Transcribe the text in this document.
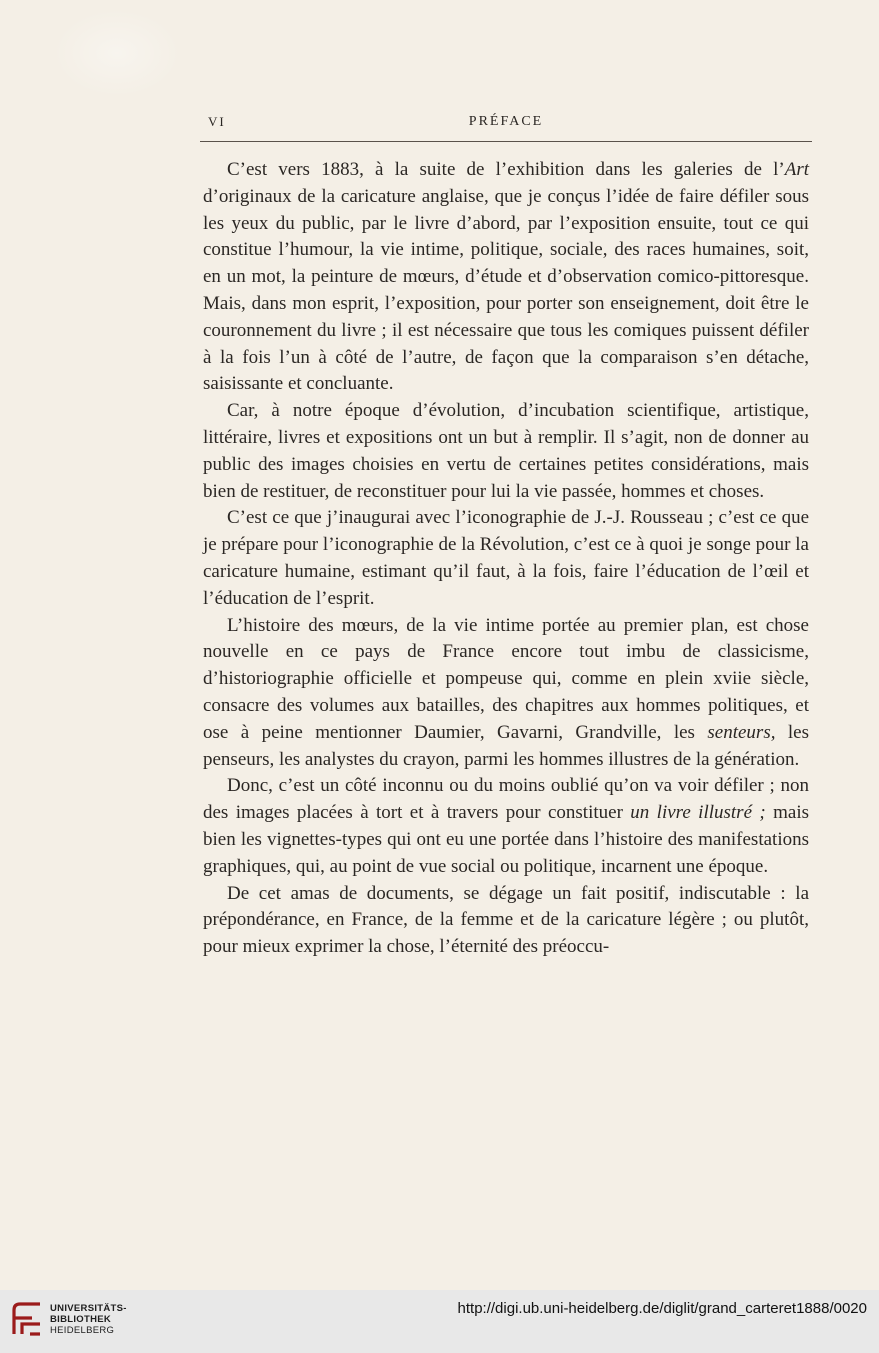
VI	PRÉFACE

C’est vers 1883, à la suite de l’exhibition dans les galeries de l’Art d’originaux de la caricature anglaise, que je conçus l’idée de faire défiler sous les yeux du public, par le livre d’abord, par l’exposition ensuite, tout ce qui constitue l’humour, la vie intime, politique, sociale, des races humaines, soit, en un mot, la peinture de mœurs, d’étude et d’observation comico-pittoresque. Mais, dans mon esprit, l’exposition, pour porter son enseignement, doit être le couronnement du livre ; il est nécessaire que tous les comiques puissent défiler à la fois l’un à côté de l’autre, de façon que la comparaison s’en détache, saisissante et concluante.

Car, à notre époque d’évolution, d’incubation scientifique, artistique, littéraire, livres et expositions ont un but à remplir. Il s’agit, non de donner au public des images choisies en vertu de certaines petites considérations, mais bien de restituer, de reconstituer pour lui la vie passée, hommes et choses.

C’est ce que j’inaugurai avec l’iconographie de J.-J. Rousseau ; c’est ce que je prépare pour l’iconographie de la Révolution, c’est ce à quoi je songe pour la caricature humaine, estimant qu’il faut, à la fois, faire l’éducation de l’œil et l’éducation de l’esprit.

L’histoire des mœurs, de la vie intime portée au premier plan, est chose nouvelle en ce pays de France encore tout imbu de classicisme, d’historiographie officielle et pompeuse qui, comme en plein xviie siècle, consacre des volumes aux batailles, des chapitres aux hommes politiques, et ose à peine mentionner Daumier, Gavarni, Grandville, les senteurs, les penseurs, les analystes du crayon, parmi les hommes illustres de la génération.

Donc, c’est un côté inconnu ou du moins oublié qu’on va voir défiler ; non des images placées à tort et à travers pour constituer un livre illustré ; mais bien les vignettes-types qui ont eu une portée dans l’histoire des manifestations graphiques, qui, au point de vue social ou politique, incarnent une époque.

De cet amas de documents, se dégage un fait positif, indiscutable : la prépondérance, en France, de la femme et de la caricature légère ; ou plutôt, pour mieux exprimer la chose, l’éternité des préoccu-

UNIVERSITÄTS-
BIBLIOTHEK
HEIDELBERG
http://digi.ub.uni-heidelberg.de/diglit/grand_carteret1888/0020
